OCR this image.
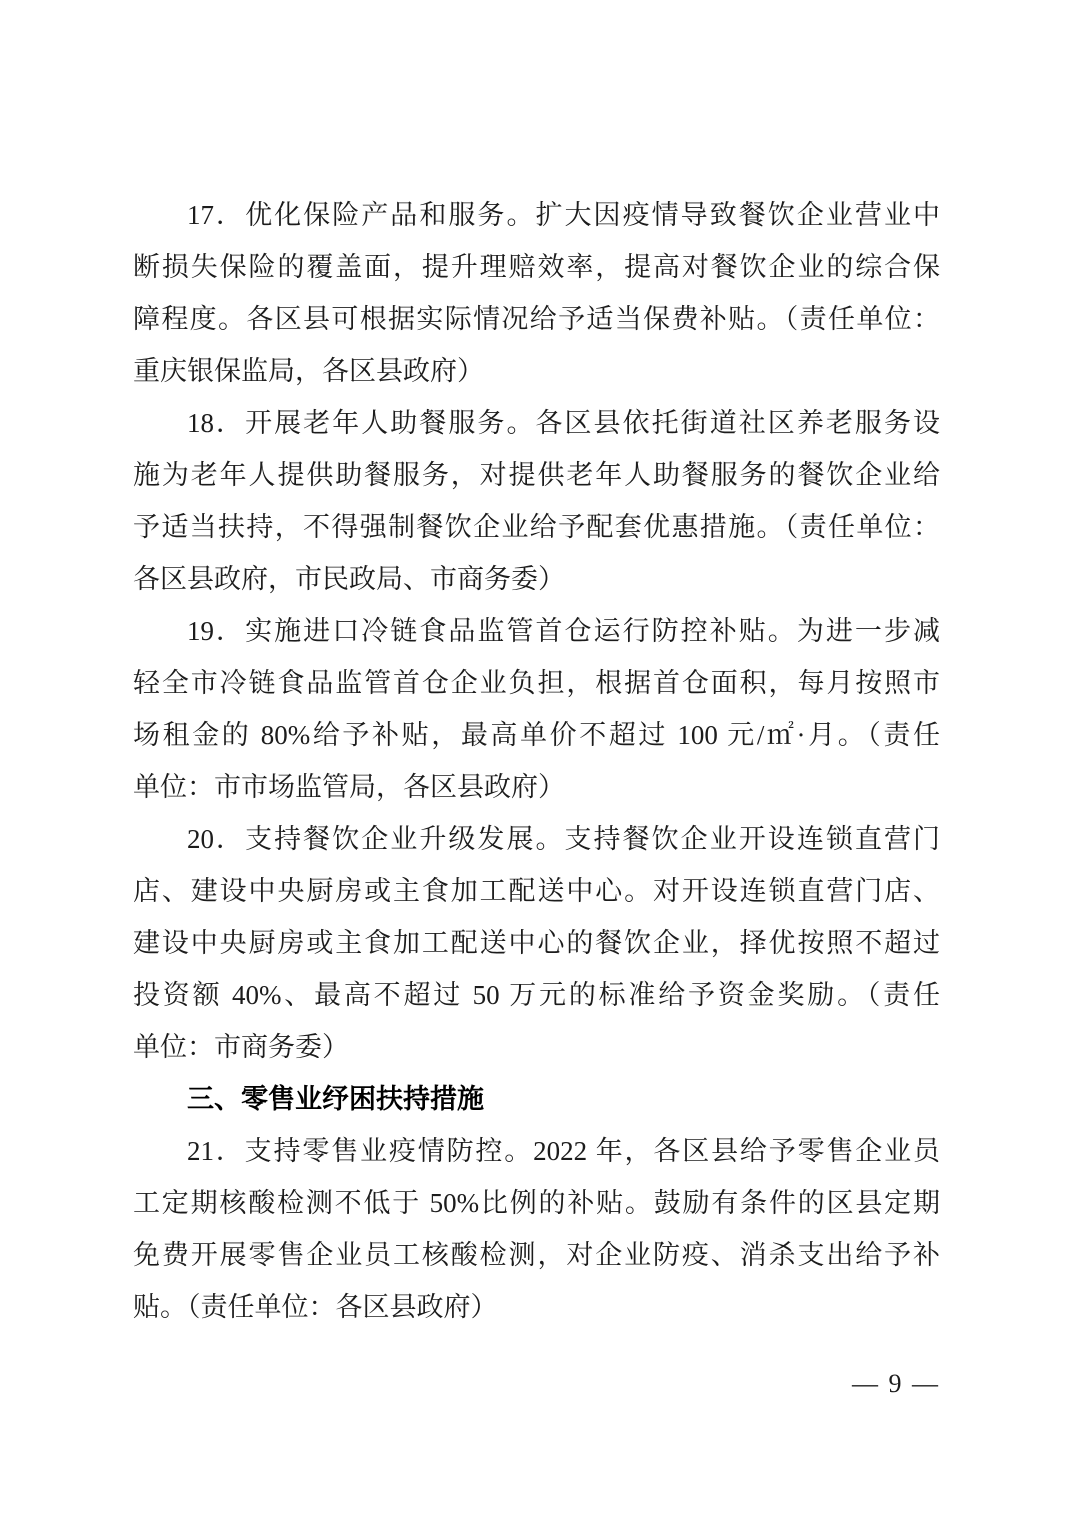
17．优化保险产品和服务。扩大因疫情导致餐饮企业营业中
断损失保险的覆盖面，提升理赔效率，提高对餐饮企业的综合保
障程度。各区县可根据实际情况给予适当保费补贴。（责任单位：
重庆银保监局，各区县政府）
18．开展老年人助餐服务。各区县依托街道社区养老服务设
施为老年人提供助餐服务，对提供老年人助餐服务的餐饮企业给
予适当扶持，不得强制餐饮企业给予配套优惠措施。（责任单位：
各区县政府，市民政局、市商务委）
19．实施进口冷链食品监管首仓运行防控补贴。为进一步减
轻全市冷链食品监管首仓企业负担，根据首仓面积，每月按照市
场租金的 80%给予补贴，最高单价不超过 100 元/㎡·月。（责任
单位：市市场监管局，各区县政府）
20．支持餐饮企业升级发展。支持餐饮企业开设连锁直营门
店、建设中央厨房或主食加工配送中心。对开设连锁直营门店、
建设中央厨房或主食加工配送中心的餐饮企业，择优按照不超过
投资额 40%、最高不超过 50 万元的标准给予资金奖励。（责任
单位：市商务委）
三、零售业纾困扶持措施
21．支持零售业疫情防控。2022 年，各区县给予零售企业员
工定期核酸检测不低于 50%比例的补贴。鼓励有条件的区县定期
免费开展零售企业员工核酸检测，对企业防疫、消杀支出给予补
贴。（责任单位：各区县政府）
— 9 —
